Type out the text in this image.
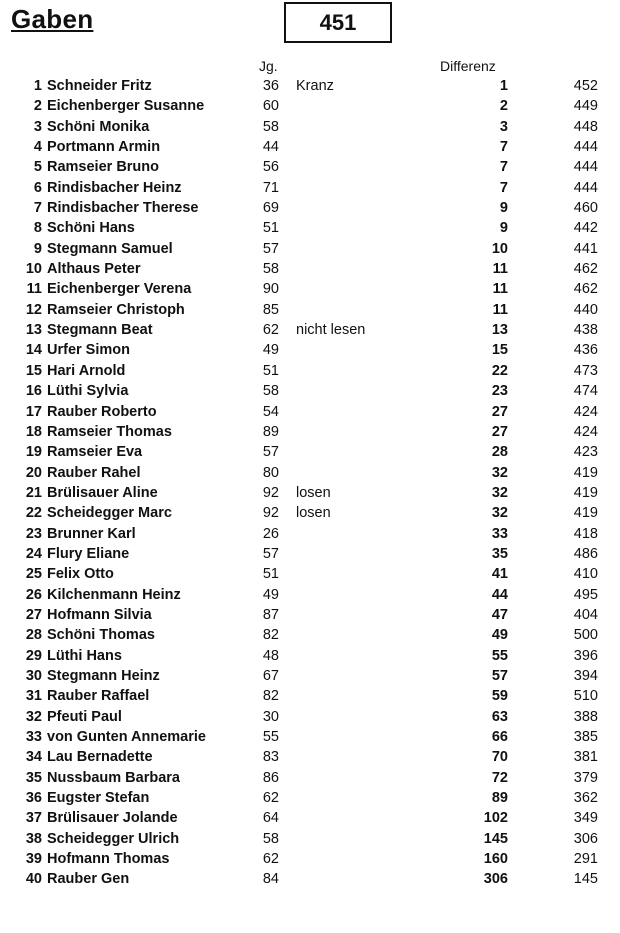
Gaben	451
Jg.	Differenz
1 Schneider Fritz	36 Kranz	1	452
2 Eichenberger Susanne	60	2	449
3 Schöni Monika	58	3	448
4 Portmann Armin	44	7	444
5 Ramseier Bruno	56	7	444
6 Rindisbacher Heinz	71	7	444
7 Rindisbacher Therese	69	9	460
8 Schöni Hans	51	9	442
9 Stegmann Samuel	57	10	441
10 Althaus Peter	58	11	462
11 Eichenberger Verena	90	11	462
12 Ramseier Christoph	85	11	440
13 Stegmann Beat	62 nicht lesen	13	438
14 Urfer Simon	49	15	436
15 Hari Arnold	51	22	473
16 Lüthi Sylvia	58	23	474
17 Rauber Roberto	54	27	424
18 Ramseier Thomas	89	27	424
19 Ramseier Eva	57	28	423
20 Rauber Rahel	80	32	419
21 Brülisauer Aline	92 losen	32	419
22 Scheidegger Marc	92 losen	32	419
23 Brunner Karl	26	33	418
24 Flury Eliane	57	35	486
25 Felix Otto	51	41	410
26 Kilchenmann Heinz	49	44	495
27 Hofmann Silvia	87	47	404
28 Schöni Thomas	82	49	500
29 Lüthi Hans	48	55	396
30 Stegmann Heinz	67	57	394
31 Rauber Raffael	82	59	510
32 Pfeuti Paul	30	63	388
33 von Gunten Annemarie	55	66	385
34 Lau Bernadette	83	70	381
35 Nussbaum Barbara	86	72	379
36 Eugster Stefan	62	89	362
37 Brülisauer Jolande	64	102	349
38 Scheidegger Ulrich	58	145	306
39 Hofmann Thomas	62	160	291
40 Rauber Gen	84	306	145
